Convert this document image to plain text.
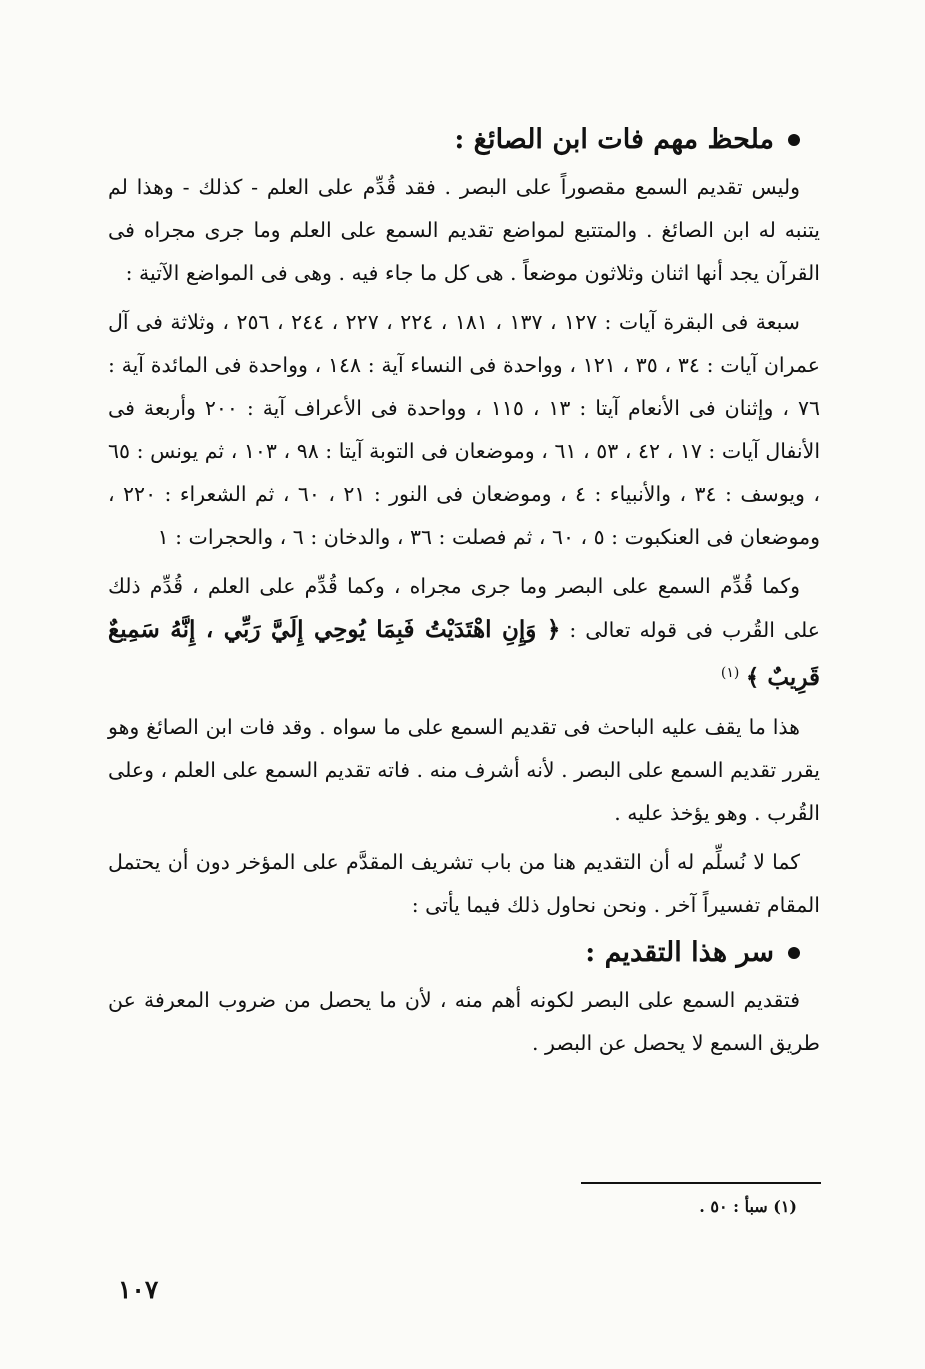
ملحظ مهم فات ابن الصائغ :

وليس تقديم السمع مقصوراً على البصر . فقد قُدِّم على العلم - كذلك - وهذا لم يتنبه له ابن الصائغ . والمتتبع لمواضع تقديم السمع على العلم وما جرى مجراه فى القرآن يجد أنها اثنان وثلاثون موضعاً . هى كل ما جاء فيه . وهى فى المواضع الآتية :

سبعة فى البقرة آيات : ١٢٧ ، ١٣٧ ، ١٨١ ، ٢٢٤ ، ٢٢٧ ، ٢٤٤ ، ٢٥٦ ، وثلاثة فى آل عمران آيات : ٣٤ ، ٣٥ ، ١٢١ ، وواحدة فى النساء آية : ١٤٨ ، وواحدة فى المائدة آية : ٧٦ ، وإثنان فى الأنعام آيتا : ١٣ ، ١١٥ ، وواحدة فى الأعراف آية : ٢٠٠ وأربعة فى الأنفال آيات : ١٧ ، ٤٢ ، ٥٣ ، ٦١ ، وموضعان فى التوبة آيتا : ٩٨ ، ١٠٣ ، ثم يونس : ٦٥ ، ويوسف : ٣٤ ، والأنبياء : ٤ ، وموضعان فى النور : ٢١ ، ٦٠ ، ثم الشعراء : ٢٢٠ ، وموضعان فى العنكبوت : ٥ ، ٦٠ ، ثم فصلت : ٣٦ ، والدخان : ٦ ، والحجرات : ١

وكما قُدِّم السمع على البصر وما جرى مجراه ، وكما قُدِّم على العلم ، قُدِّم ذلك على القُرب فى قوله تعالى : ﴿ وَإِنِ اهْتَدَيْتُ فَبِمَا يُوحِي إِلَيَّ رَبِّي ، إِنَّهُ سَمِيعٌ قَرِيبٌ ﴾ $^{(١)}$

هذا ما يقف عليه الباحث فى تقديم السمع على ما سواه . وقد فات ابن الصائغ وهو يقرر تقديم السمع على البصر . لأنه أشرف منه . فاته تقديم السمع على العلم ، وعلى القُرب . وهو يؤخذ عليه .

كما لا نُسلِّم له أن التقديم هنا من باب تشريف المقدَّم على المؤخر دون أن يحتمل المقام تفسيراً آخر . ونحن نحاول ذلك فيما يأتى :

سر هذا التقديم :

فتقديم السمع على البصر لكونه أهم منه ، لأن ما يحصل من ضروب المعرفة عن طريق السمع لا يحصل عن البصر .

(١) سبأ : ٥٠ .
١٠٧
